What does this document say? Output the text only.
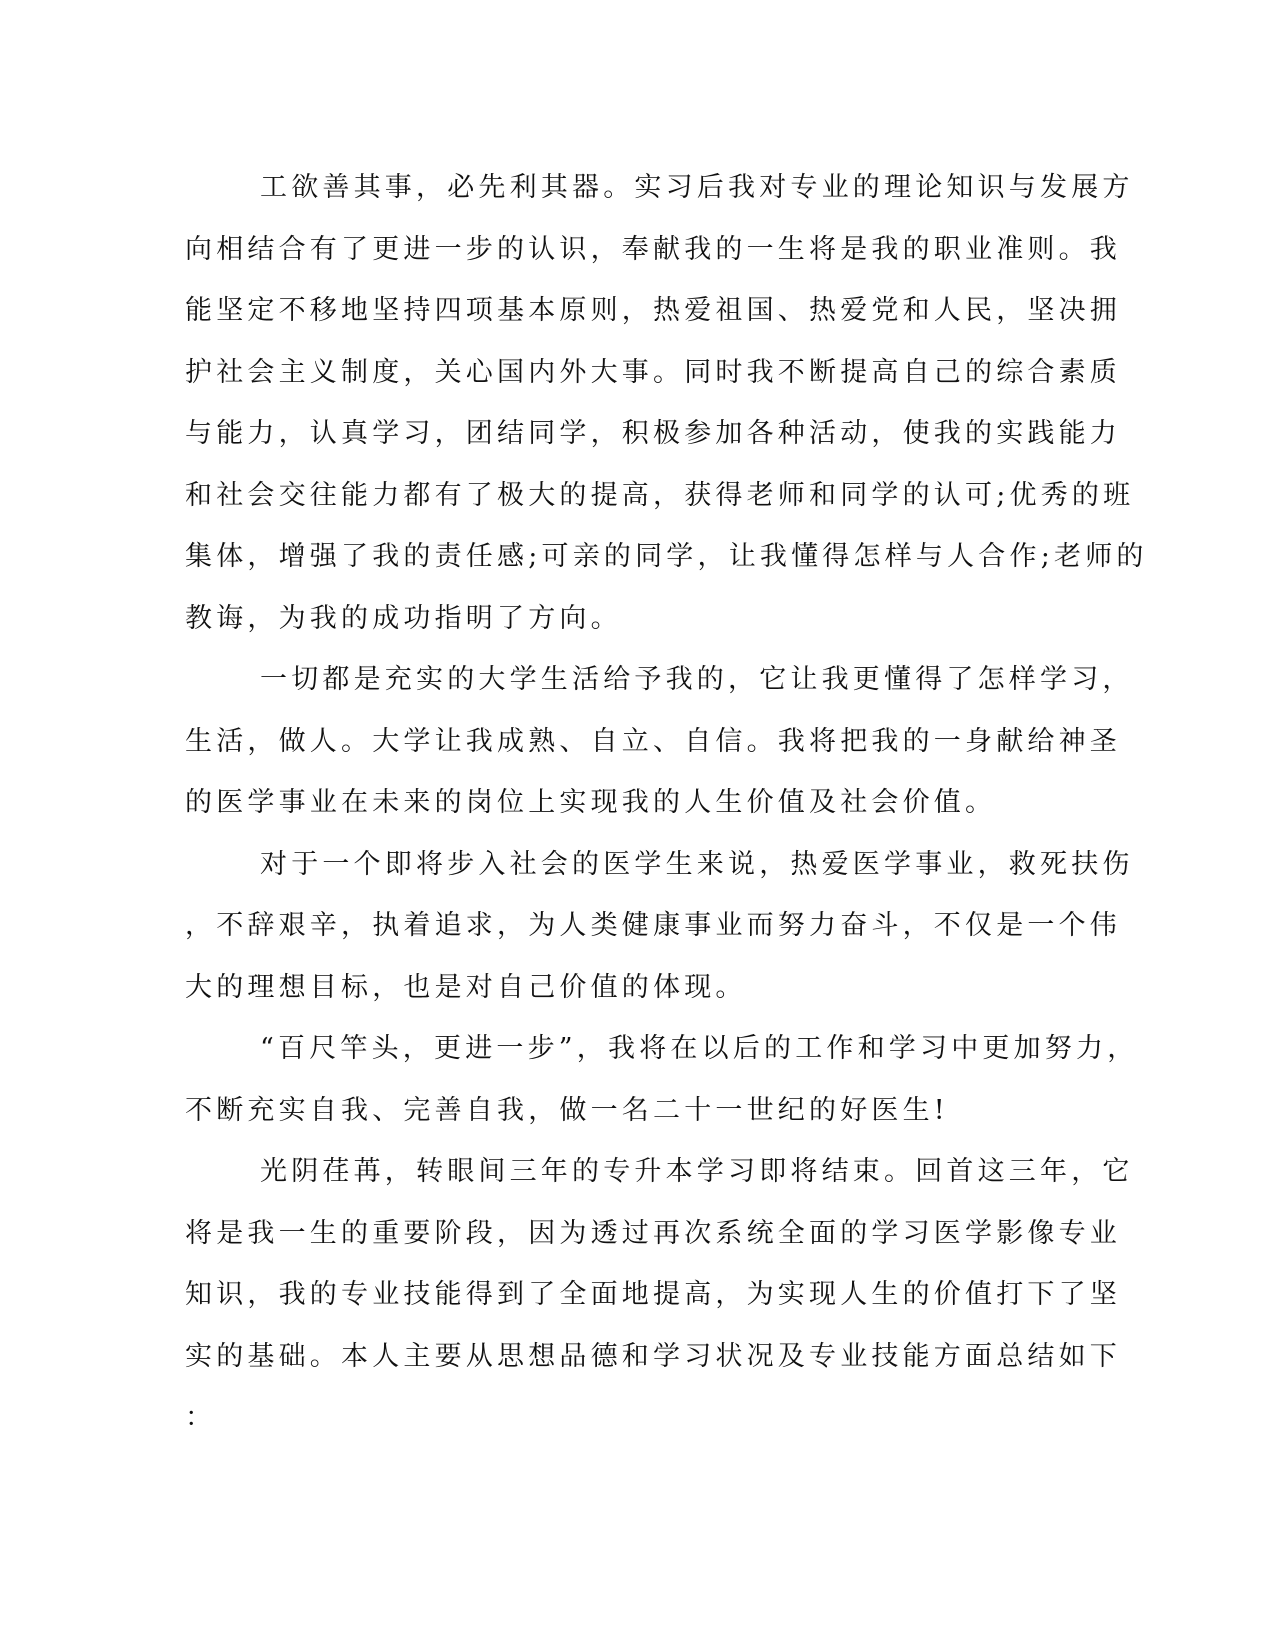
工欲善其事，必先利其器。实习后我对专业的理论知识与发展方
向相结合有了更进一步的认识，奉献我的一生将是我的职业准则。我
能坚定不移地坚持四项基本原则，热爱祖国、热爱党和人民，坚决拥
护社会主义制度，关心国内外大事。同时我不断提高自己的综合素质
与能力，认真学习，团结同学，积极参加各种活动，使我的实践能力
和社会交往能力都有了极大的提高，获得老师和同学的认可;优秀的班
集体，增强了我的责任感;可亲的同学，让我懂得怎样与人合作;老师的
教诲，为我的成功指明了方向。
一切都是充实的大学生活给予我的，它让我更懂得了怎样学习，
生活，做人。大学让我成熟、自立、自信。我将把我的一身献给神圣
的医学事业在未来的岗位上实现我的人生价值及社会价值。
对于一个即将步入社会的医学生来说，热爱医学事业，救死扶伤
，不辞艰辛，执着追求，为人类健康事业而努力奋斗，不仅是一个伟
大的理想目标，也是对自己价值的体现。
“百尺竿头，更进一步”，我将在以后的工作和学习中更加努力，
不断充实自我、完善自我，做一名二十一世纪的好医生!
光阴荏苒，转眼间三年的专升本学习即将结束。回首这三年，它
将是我一生的重要阶段，因为透过再次系统全面的学习医学影像专业
知识，我的专业技能得到了全面地提高，为实现人生的价值打下了坚
实的基础。本人主要从思想品德和学习状况及专业技能方面总结如下
：
